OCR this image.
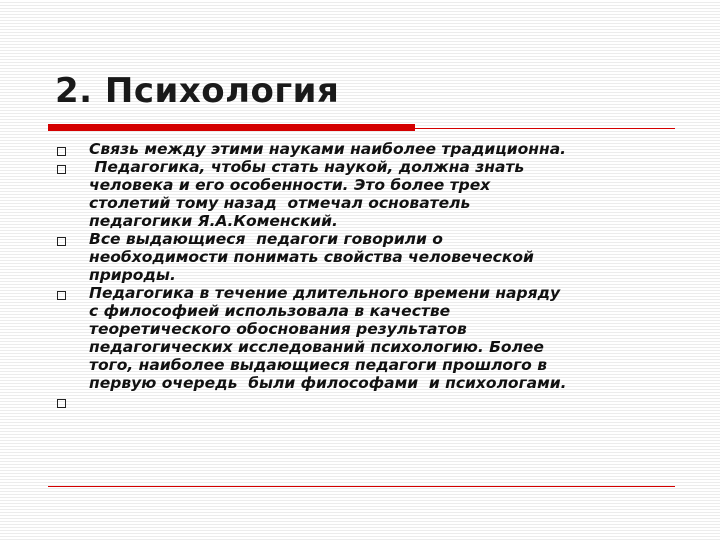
2. Психология
Связь между этими науками наиболее традиционна.
Педагогика, чтобы стать наукой, должна знать
человека и его особенности. Это более трех
столетий тому назад  отмечал основатель
педагогики Я.А.Коменский.
Все выдающиеся  педагоги говорили о
необходимости понимать свойства человеческой
природы.
Педагогика в течение длительного времени наряду
с философией использовала в качестве
теоретического обоснования результатов
педагогических исследований психологию. Более
того, наиболее выдающиеся педагоги прошлого в
первую очередь  были философами  и психологами.
